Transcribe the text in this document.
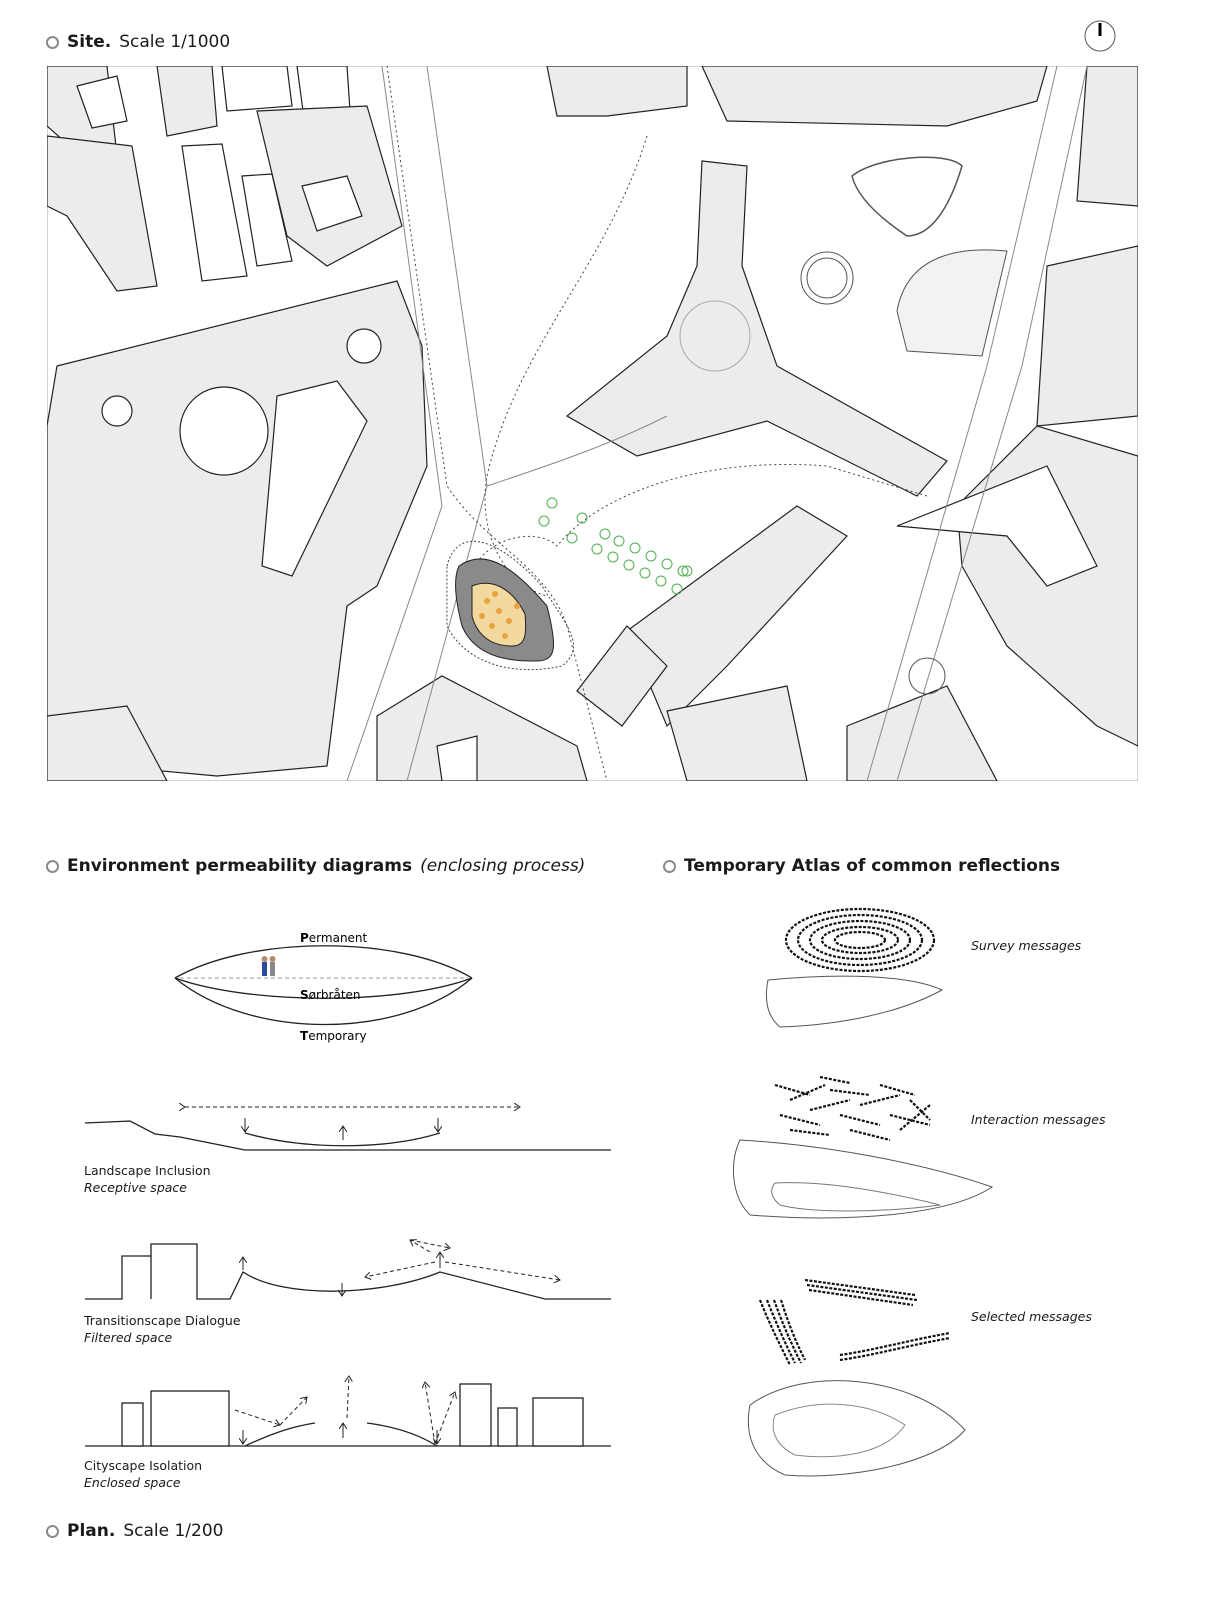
Site. Scale 1/1000
Environment permeability diagrams (enclosing process)
Permanent
Sørbråten
Temporary
Landscape Inclusion
Receptive space
Transitionscape Dialogue
Filtered space
Cityscape Isolation
Enclosed space
Temporary Atlas of common reflections
Survey messages
Interaction messages
Selected messages
Plan. Scale 1/200
